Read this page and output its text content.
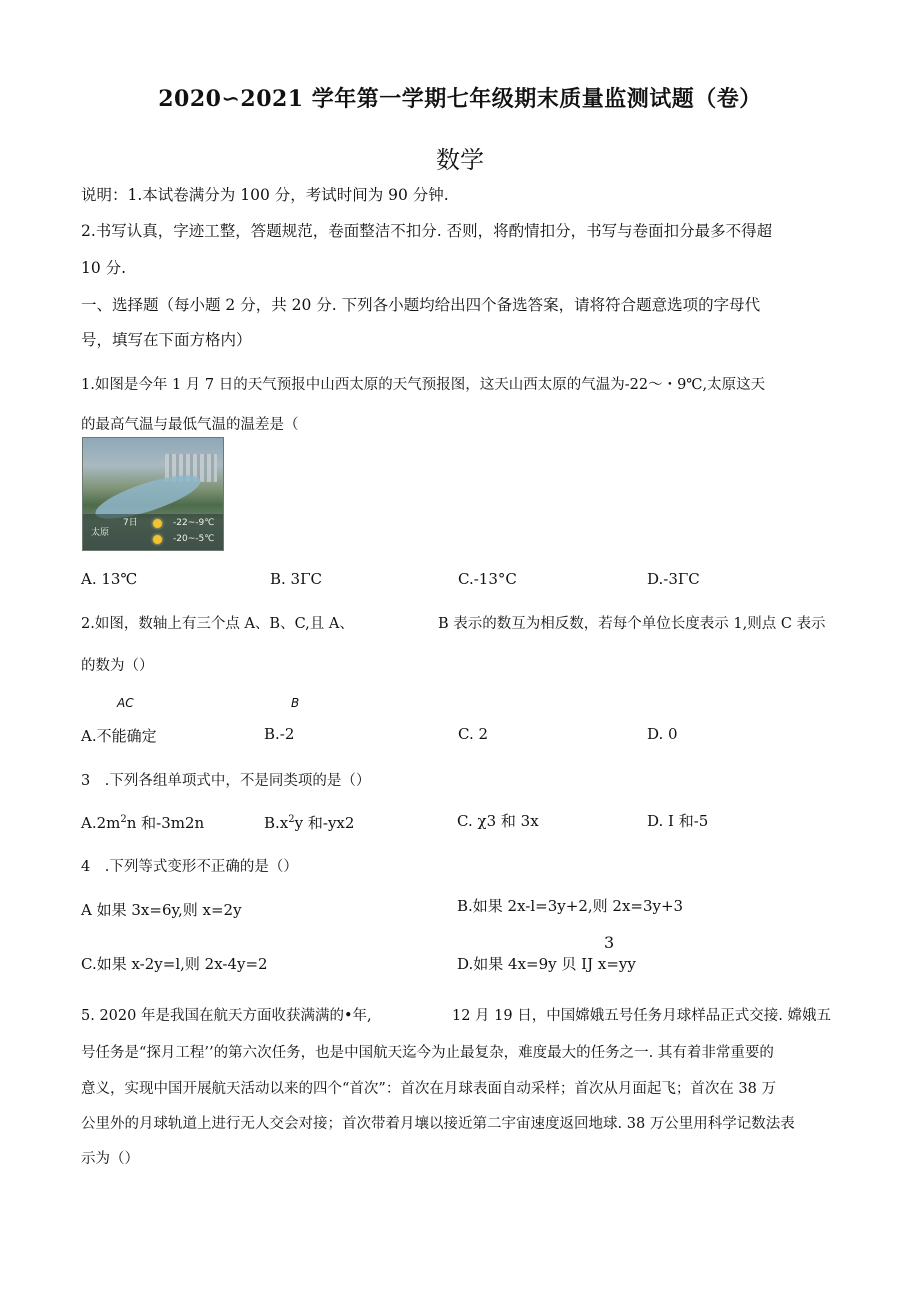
2020∽2021 学年第一学期七年级期末质量监测试题（卷）
数学
说明：1.本试卷满分为 100 分，考试时间为 90 分钟.
2.书写认真，字迹工整，答题规范，卷面整洁不扣分. 否则，将酌情扣分，书写与卷面扣分最多不得超
10 分.
一、选择题（每小题 2 分，共 20 分. 下列各小题均给出四个备选答案，请将符合题意选项的字母代
号，填写在下面方格内）
1.如图是今年 1 月 7 日的天气预报中山西太原的天气预报图，这天山西太原的气温为-22～・9℃,太原这天
的最高气温与最低气温的温差是（
太原
7日	-22~-9℃
-20~-5℃
A. 13℃	B. 3ΓC	C.-13°C	D.-3ΓC
2.如图，数轴上有三个点 A、B、C,且 A、	B 表示的数互为相反数，若每个单位长度表示 1,则点 C 表示
的数为（）
AC	B
A.不能确定	B.-2	C. 2	D. 0
3　.下列各组单项式中，不是同类项的是（）
$A.2m^2n$ 和-3m2n	$B.x^2y$ 和-yx2	C. χ3 和 3x	D. I 和-5
4　.下列等式变形不正确的是（）
A 如果 3x=6y,则 x=2y	B.如果 2x-l=3y+2,则 2x=3y+3
C.如果 x-2y=l,则 2x-4y=2
3
D.如果 4x=9y 贝 IJ x=yy
5. 2020 年是我国在航天方面收获满满的•年,	12 月 19 日，中国嫦娥五号任务月球样品正式交接. 嫦娥五
号任务是“探月工程’’的第六次任务，也是中国航天迄今为止最复杂，难度最大的任务之一. 其有着非常重要的
意义，实现中国开展航天活动以来的四个“首次”：首次在月球表面自动采样；首次从月面起飞；首次在 38 万
公里外的月球轨道上进行无人交会对接；首次带着月壤以接近第二宇宙速度返回地球. 38 万公里用科学记数法表
示为（）
